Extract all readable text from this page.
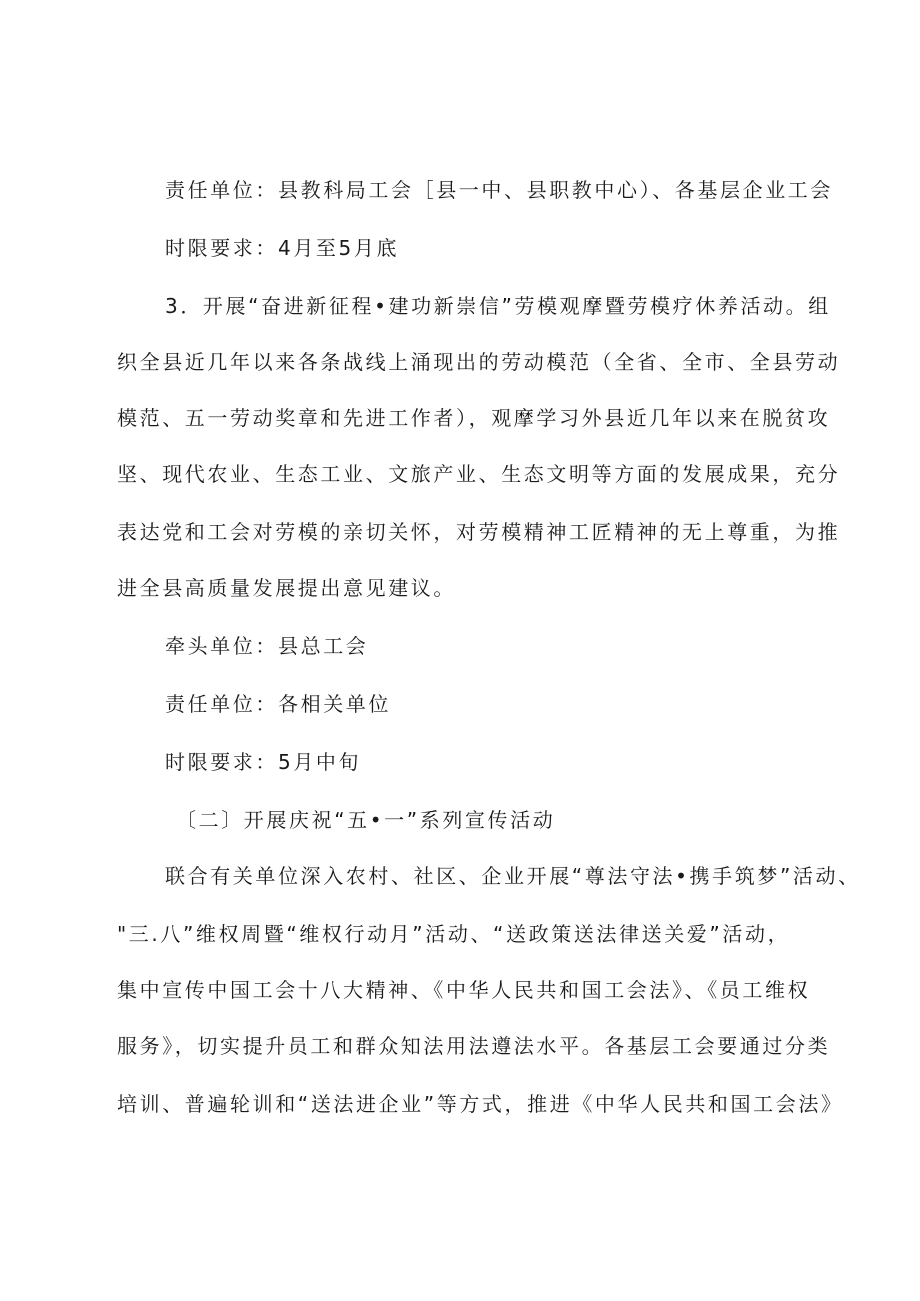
责任单位：县教科局工会［县一中、县职教中心）、各基层企业工会
时限要求：4月至5月底
3．开展“奋进新征程•建功新崇信”劳模观摩暨劳模疗休养活动。组
织全县近几年以来各条战线上涌现出的劳动模范（全省、全市、全县劳动
模范、五一劳动奖章和先进工作者），观摩学习外县近几年以来在脱贫攻
坚、现代农业、生态工业、文旅产业、生态文明等方面的发展成果，充分
表达党和工会对劳模的亲切关怀，对劳模精神工匠精神的无上尊重，为推
进全县高质量发展提出意见建议。
牵头单位：县总工会
责任单位：各相关单位
时限要求：5月中旬
〔二〕开展庆祝“五•一”系列宣传活动
联合有关单位深入农村、社区、企业开展“尊法守法•携手筑梦”活动、
"三.八”维权周暨“维权行动月”活动、“送政策送法律送关爱”活动，
集中宣传中国工会十八大精神、《中华人民共和国工会法》、《员工维权
服务》，切实提升员工和群众知法用法遵法水平。各基层工会要通过分类
培训、普遍轮训和“送法进企业”等方式，推进《中华人民共和国工会法》
